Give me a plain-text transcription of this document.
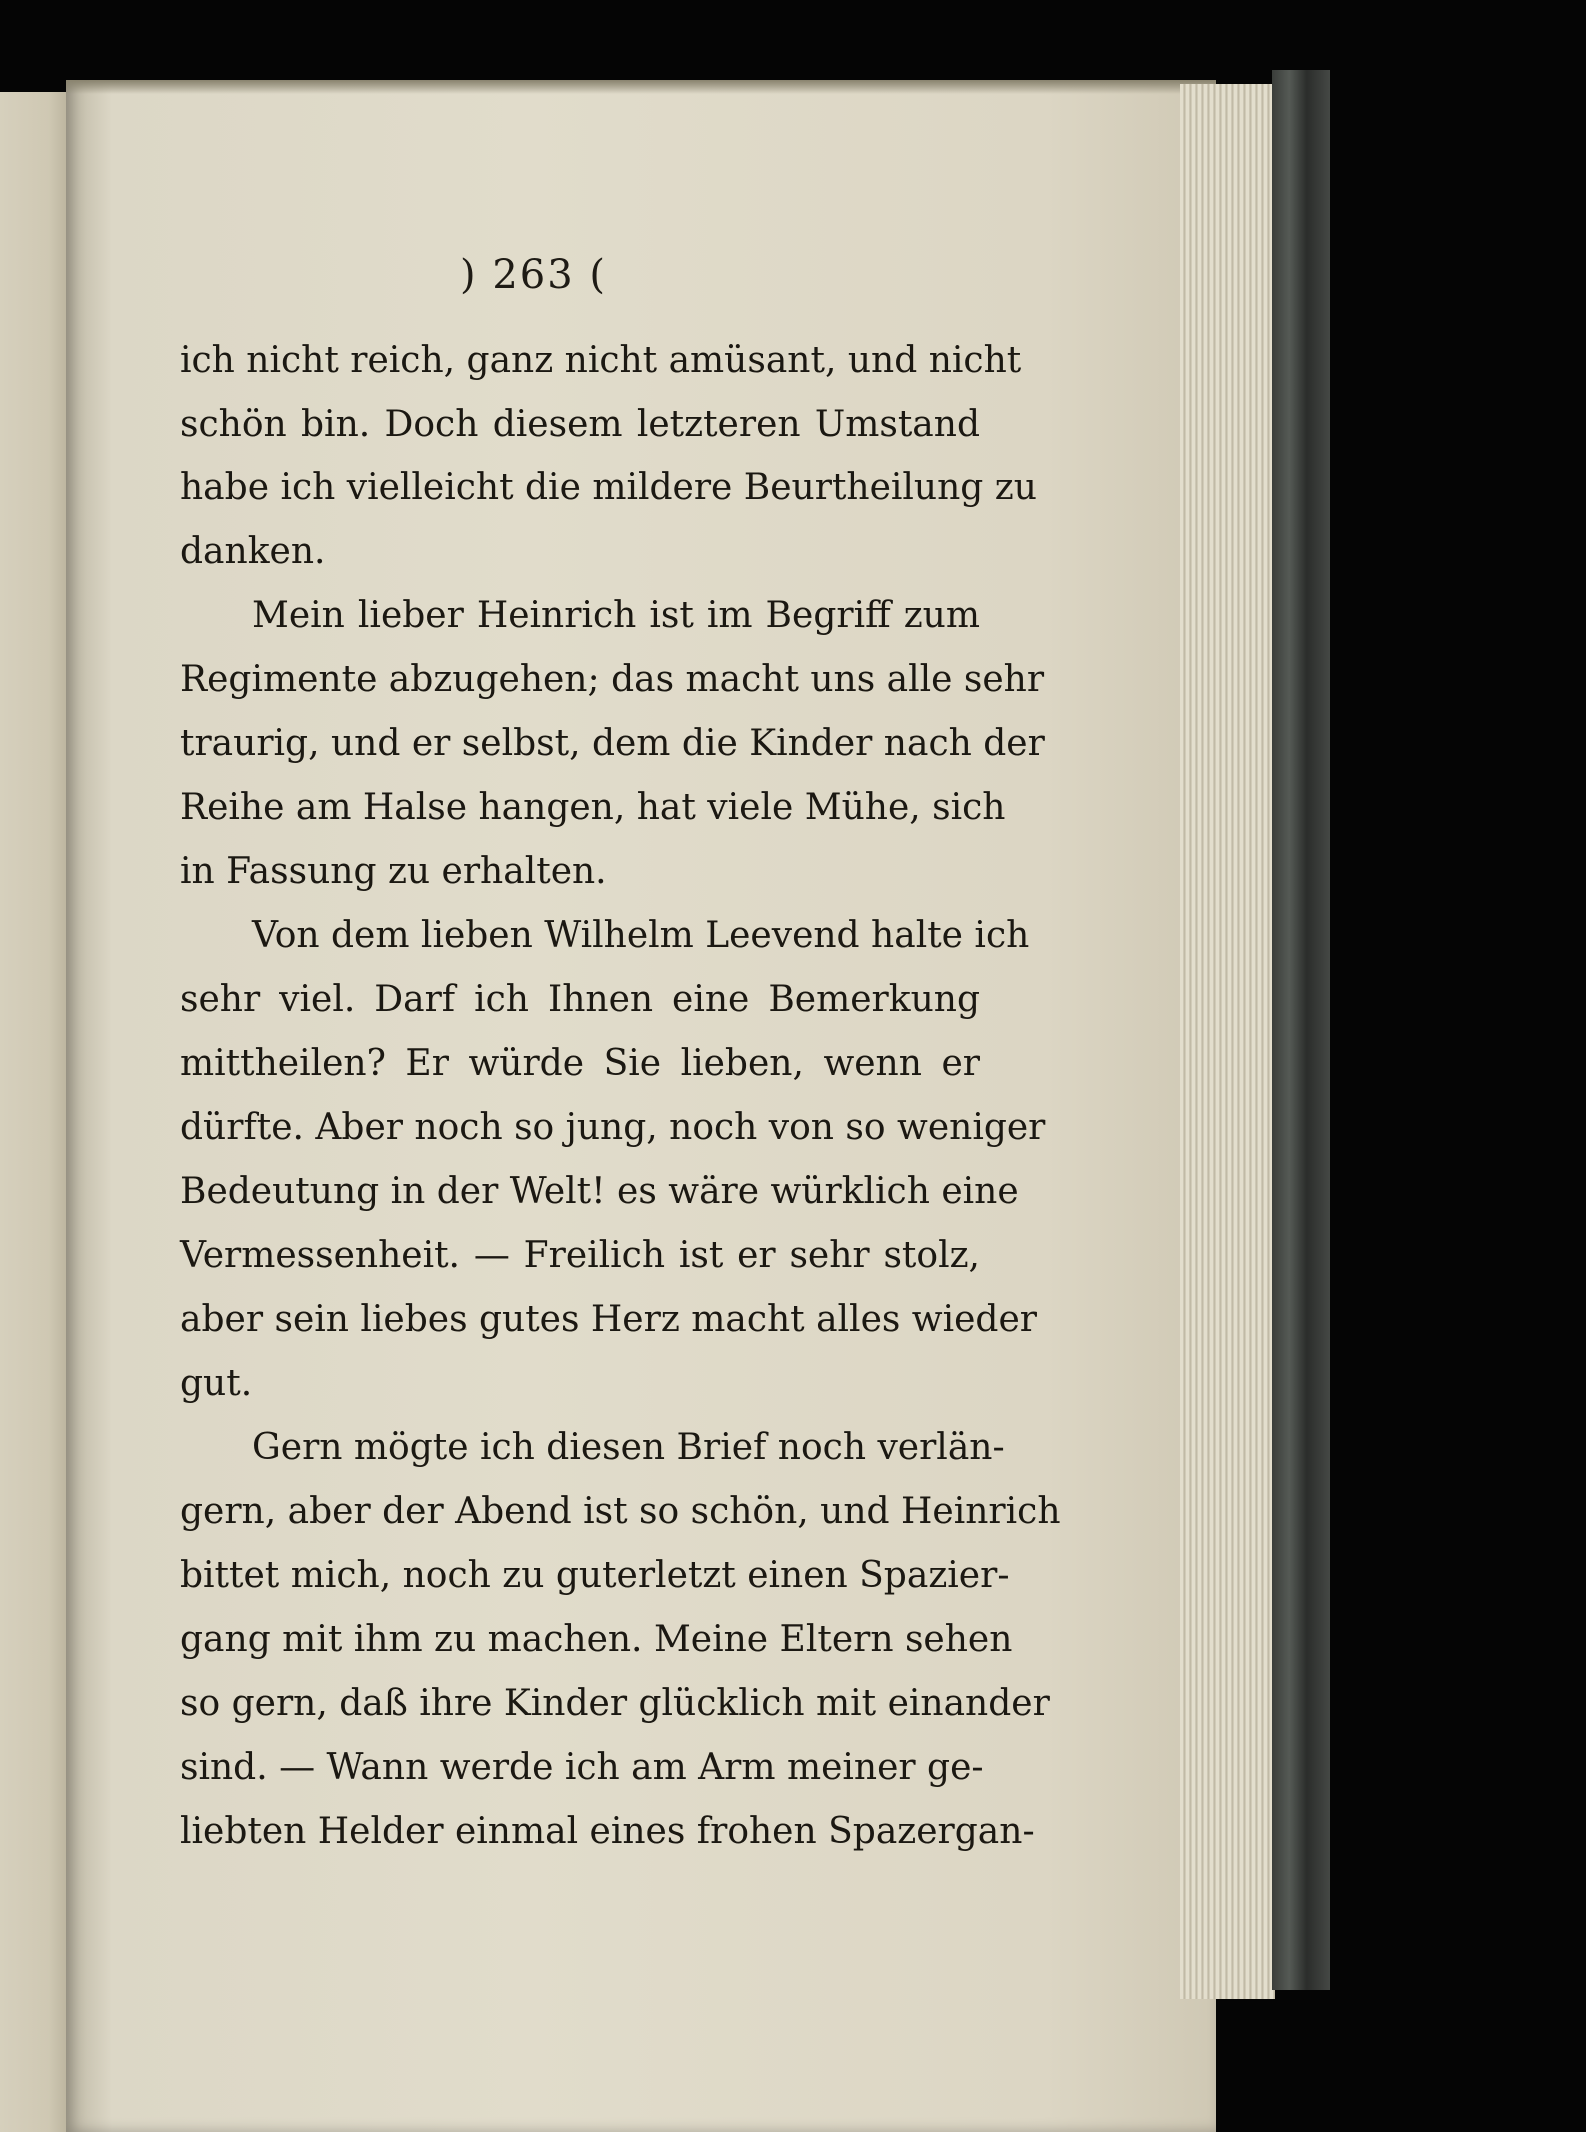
) 263 (
ich nicht reich, ganz nicht amüsant, und nicht
schön bin. Doch diesem letzteren Umstand
habe ich vielleicht die mildere Beurtheilung zu
danken.
Mein lieber Heinrich ist im Begriff zum
Regimente abzugehen; das macht uns alle sehr
traurig, und er selbst, dem die Kinder nach der
Reihe am Halse hangen, hat viele Mühe, sich
in Fassung zu erhalten.
Von dem lieben Wilhelm Leevend halte ich
sehr viel. Darf ich Ihnen eine Bemerkung
mittheilen? Er würde Sie lieben, wenn er
dürfte. Aber noch so jung, noch von so weniger
Bedeutung in der Welt! es wäre würklich eine
Vermessenheit. — Freilich ist er sehr stolz,
aber sein liebes gutes Herz macht alles wieder
gut.
Gern mögte ich diesen Brief noch verlän-
gern, aber der Abend ist so schön, und Heinrich
bittet mich, noch zu guterletzt einen Spazier-
gang mit ihm zu machen. Meine Eltern sehen
so gern, daß ihre Kinder glücklich mit einander
sind. — Wann werde ich am Arm meiner ge-
liebten Helder einmal eines frohen Spazergan-
